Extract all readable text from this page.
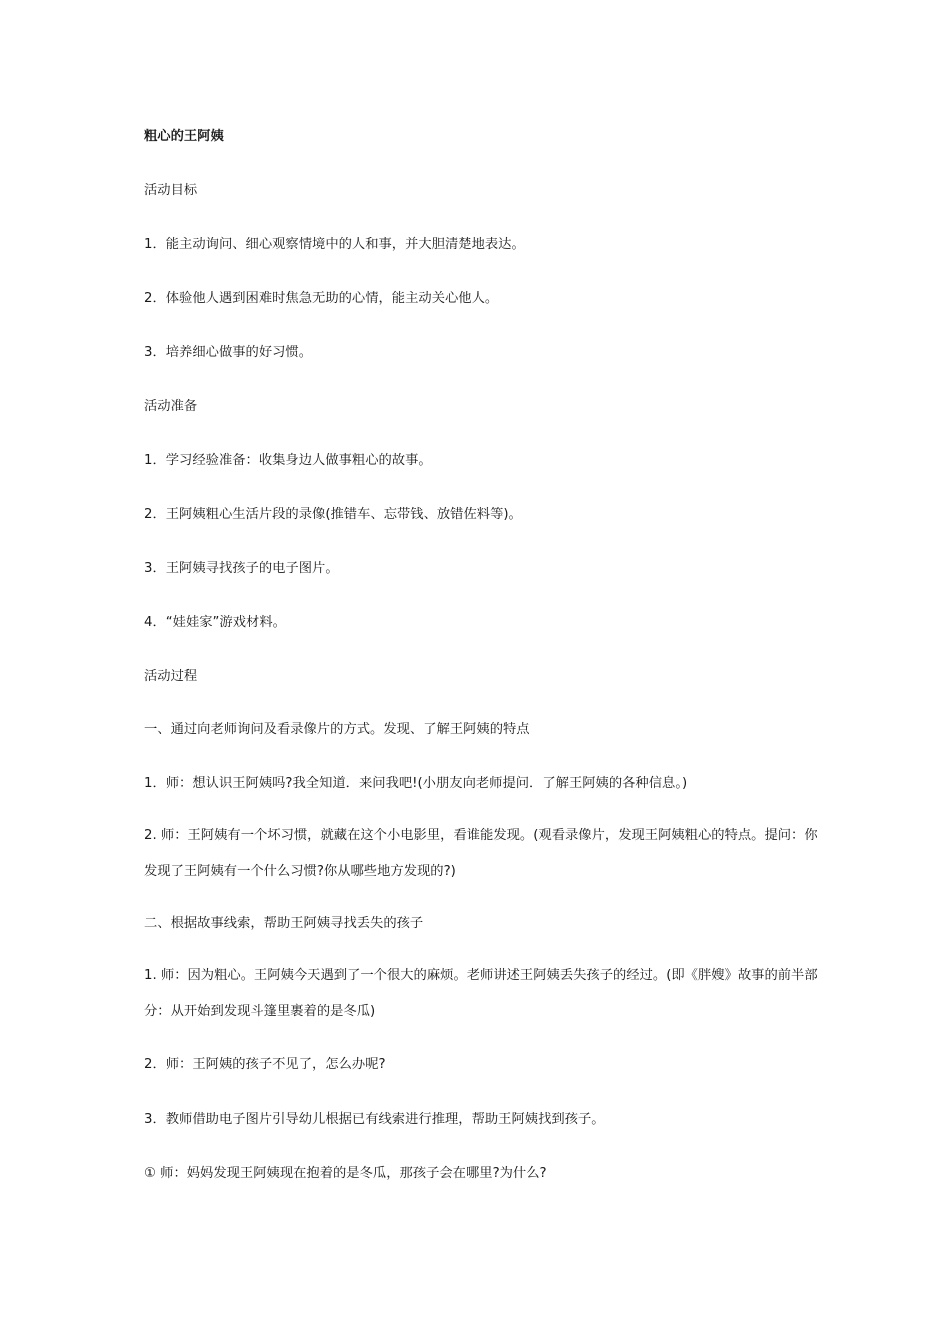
粗心的王阿姨
活动目标
1．能主动询问、细心观察情境中的人和事，并大胆清楚地表达。
2．体验他人遇到困难时焦急无助的心情，能主动关心他人。
3．培养细心做事的好习惯。
活动准备
1．学习经验准备：收集身边人做事粗心的故事。
2．王阿姨粗心生活片段的录像(推错车、忘带钱、放错佐料等)。
3．王阿姨寻找孩子的电子图片。
4．“娃娃家”游戏材料。
活动过程
一、通过向老师询问及看录像片的方式。发现、了解王阿姨的特点
1．师：想认识王阿姨吗?我全知道．来问我吧!(小朋友向老师提问．了解王阿姨的各种信息。)
2. 师：王阿姨有一个坏习惯，就藏在这个小电影里，看谁能发现。(观看录像片，发现王阿姨粗心的特点。提问：你发现了王阿姨有一个什么习惯?你从哪些地方发现的?)
二、根据故事线索，帮助王阿姨寻找丢失的孩子
1. 师：因为粗心。王阿姨今天遇到了一个很大的麻烦。老师讲述王阿姨丢失孩子的经过。(即《胖嫂》故事的前半部分：从开始到发现斗篷里裹着的是冬瓜)
2．师：王阿姨的孩子不见了，怎么办呢?
3．教师借助电子图片引导幼儿根据已有线索进行推理，帮助王阿姨找到孩子。
① 师：妈妈发现王阿姨现在抱着的是冬瓜，那孩子会在哪里?为什么?
